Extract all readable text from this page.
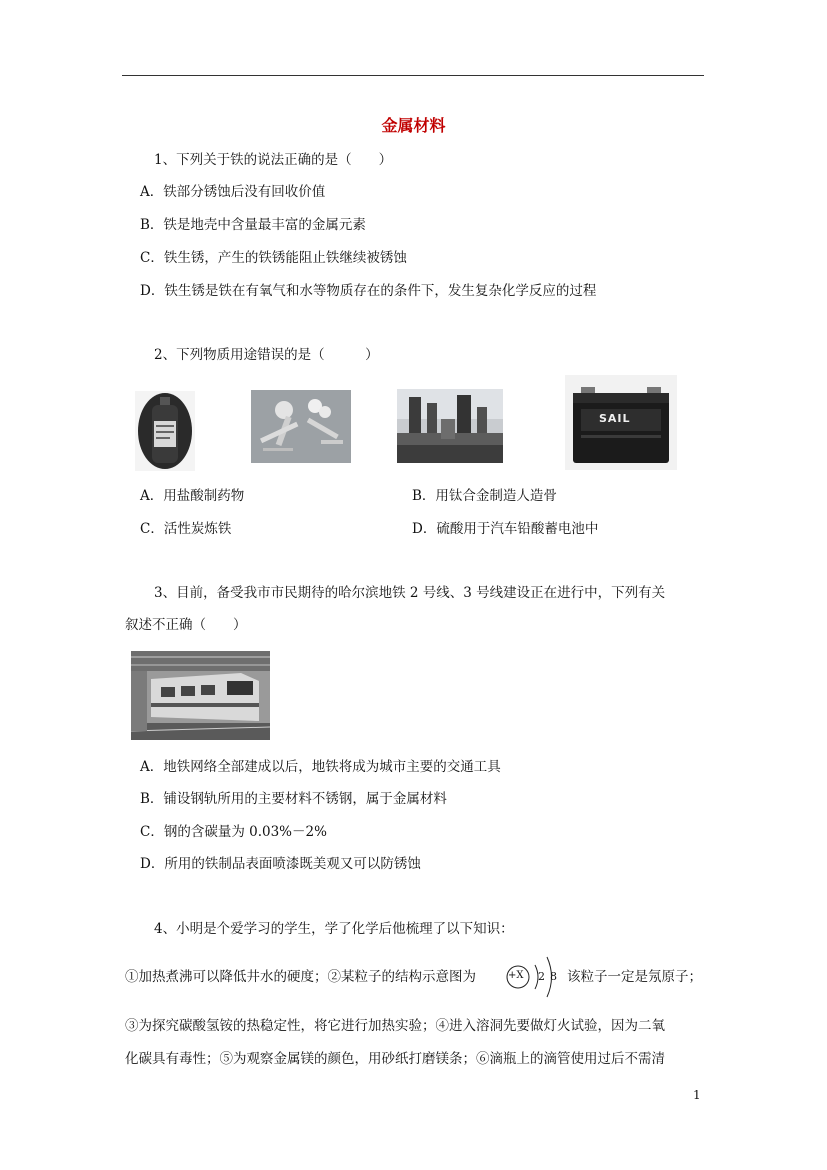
金属材料
1、下列关于铁的说法正确的是（　　）
A．铁部分锈蚀后没有回收价值
B．铁是地壳中含量最丰富的金属元素
C．铁生锈，产生的铁锈能阻止铁继续被锈蚀
D．铁生锈是铁在有氧气和水等物质存在的条件下，发生复杂化学反应的过程
2、下列物质用途错误的是（　　　）
SAIL
A．用盐酸制药物	B．用钛合金制造人造骨
C．活性炭炼铁	D．硫酸用于汽车铅酸蓄电池中
3、目前，备受我市市民期待的哈尔滨地铁 2 号线、3 号线建设正在进行中，下列有关
叙述不正确（　　）
A．地铁网络全部建成以后，地铁将成为城市主要的交通工具
B．铺设钢轨所用的主要材料不锈钢，属于金属材料
C．钢的含碳量为 0.03%－2%
D．所用的铁制品表面喷漆既美观又可以防锈蚀
4、小明是个爱学习的学生，学了化学后他梳理了以下知识：
①加热煮沸可以降低井水的硬度；②某粒子的结构示意图为	+X 2 8 该粒子一定是氖原子；
③为探究碳酸氢铵的热稳定性，将它进行加热实验；④进入溶洞先要做灯火试验，因为二氧
化碳具有毒性；⑤为观察金属镁的颜色，用砂纸打磨镁条；⑥滴瓶上的滴管使用过后不需清
1
